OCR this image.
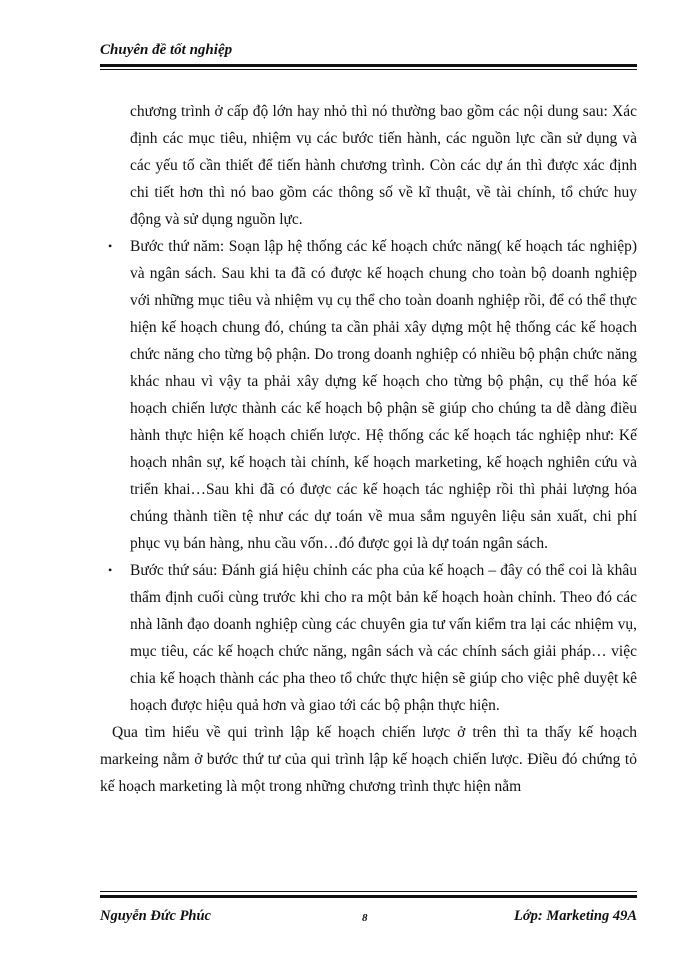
Chuyên đề tốt nghiệp

chương trình ở cấp độ lớn hay nhỏ thì nó thường bao gồm các nội dung sau: Xác định các mục tiêu, nhiệm vụ các bước tiến hành, các nguồn lực cần sử dụng và các yếu tố cần thiết để tiến hành chương trình. Còn các dự án thì được xác định chi tiết hơn thì nó bao gồm các thông số về kĩ thuật, về tài chính, tổ chức huy động và sử dụng nguồn lực.

• Bước thứ năm: Soạn lập hệ thống các kế hoạch chức năng( kế hoạch tác nghiệp) và ngân sách. Sau khi ta đã có được kế hoạch chung cho toàn bộ doanh nghiệp với những mục tiêu và nhiệm vụ cụ thể cho toàn doanh nghiệp rồi, để có thể thực hiện kế hoạch chung đó, chúng ta cần phải xây dựng một hệ thống các kế hoạch chức năng cho từng bộ phận. Do trong doanh nghiệp có nhiều bộ phận chức năng khác nhau vì vậy ta phải xây dựng kế hoạch cho từng bộ phận, cụ thể hóa kế hoạch chiến lược thành các kế hoạch bộ phận sẽ giúp cho chúng ta dễ dàng điều hành thực hiện kế hoạch chiến lược. Hệ thống các kế hoạch tác nghiệp như: Kế hoạch nhân sự, kế hoạch tài chính, kế hoạch marketing, kế hoạch nghiên cứu và triển khai…Sau khi đã có được các kế hoạch tác nghiệp rồi thì phải lượng hóa chúng thành tiền tệ như các dự toán về mua sắm nguyên liệu sản xuất, chi phí phục vụ bán hàng, nhu cầu vốn…đó được gọi là dự toán ngân sách.

• Bước thứ sáu: Đánh giá hiệu chỉnh các pha của kế hoạch – đây có thể coi là khâu thẩm định cuối cùng trước khi cho ra một bản kế hoạch hoàn chỉnh. Theo đó các nhà lãnh đạo doanh nghiệp cùng các chuyên gia tư vấn kiểm tra lại các nhiệm vụ, mục tiêu, các kế hoạch chức năng, ngân sách và các chính sách giải pháp… việc chia kế hoạch thành các pha theo tổ chức thực hiện sẽ giúp cho việc phê duyệt kê hoạch được hiệu quả hơn và giao tới các bộ phận thực hiện.

Qua tìm hiểu về qui trình lập kế hoạch chiến lược ở trên thì ta thấy kế hoạch markeing nằm ở bước thứ tư của qui trình lập kế hoạch chiến lược. Điều đó chứng tỏ kế hoạch marketing là một trong những chương trình thực hiện nằm

Nguyễn Đức Phúc	8	Lớp: Marketing 49A
